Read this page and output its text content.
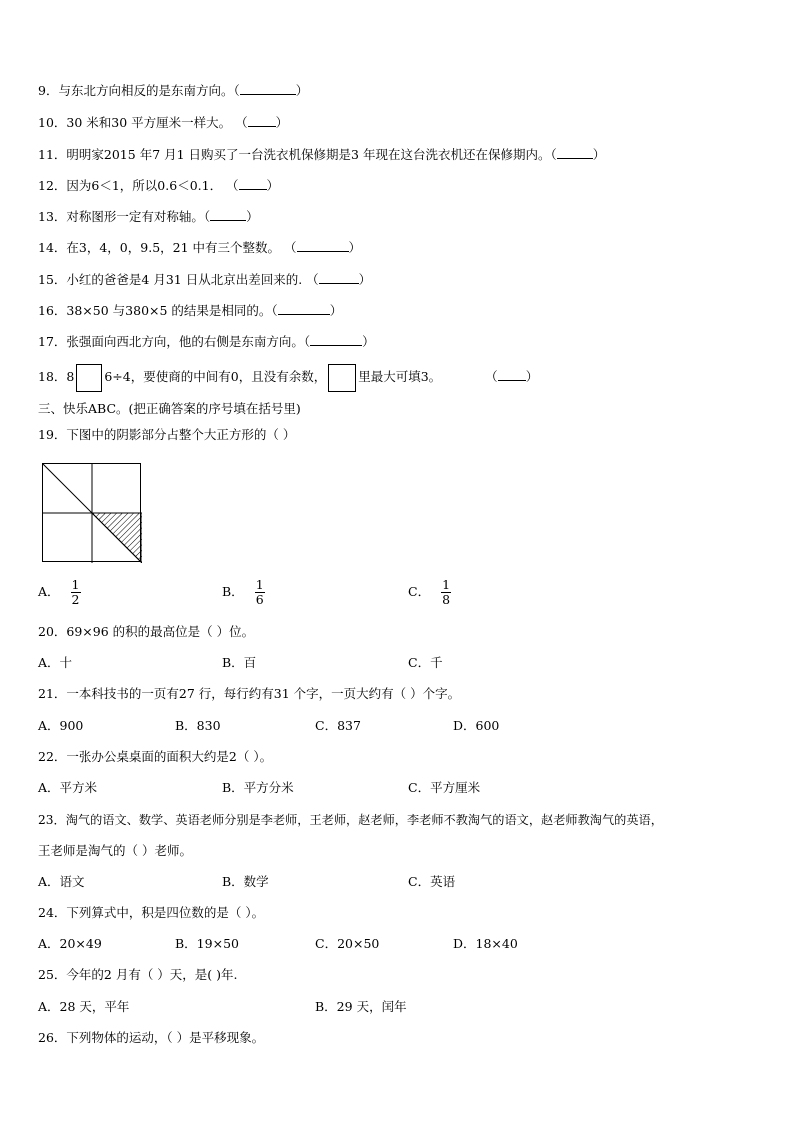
9．与东北方向相反的是东南方向。（	）
10．30 米和30 平方厘米一样大。 （ ）
11．明明家2015 年7 月1 日购买了一台洗衣机保修期是3 年现在这台洗衣机还在保修期内。（	）
12．因为6＜1，所以0.6＜0.1． （ ）
13．对称图形一定有对称轴。（	）
14．在3，4，0，9.5，21 中有三个整数。 （	）
15．小红的爸爸是4 月31 日从北京出差回来的. （	）
16．38×50 与380×5 的结果是相同的。（	）
17．张强面向西北方向，他的右侧是东南方向。（	）
18．8 6÷4，要使商的中间有0，且没有余数，	里最大可填3。	（ ）
三、快乐ABC。(把正确答案的序号填在括号里)
19．下图中的阴影部分占整个大正方形的（ ）
A． $\frac{1}{2}$	B． $\frac{1}{6}$	C． $\frac{1}{8}$
20．69×96 的积的最高位是（ ）位。
A．十	B．百	C．千
21．一本科技书的一页有27 行，每行约有31 个字，一页大约有（ ）个字。
A．900	B．830	C．837	D．600
22．一张办公桌桌面的面积大约是2（ ）。
A．平方米	B．平方分米	C．平方厘米
23．淘气的语文、数学、英语老师分别是李老师，王老师，赵老师，李老师不教淘气的语文，赵老师教淘气的英语，
王老师是淘气的（ ）老师。
A．语文	B．数学	C．英语
24．下列算式中，积是四位数的是（ ）。
A．20×49	B．19×50	C．20×50	D．18×40
25．今年的2 月有（ ）天，是( )年.
A．28 天，平年	B．29 天，闰年
26．下列物体的运动，（ ）是平移现象。
